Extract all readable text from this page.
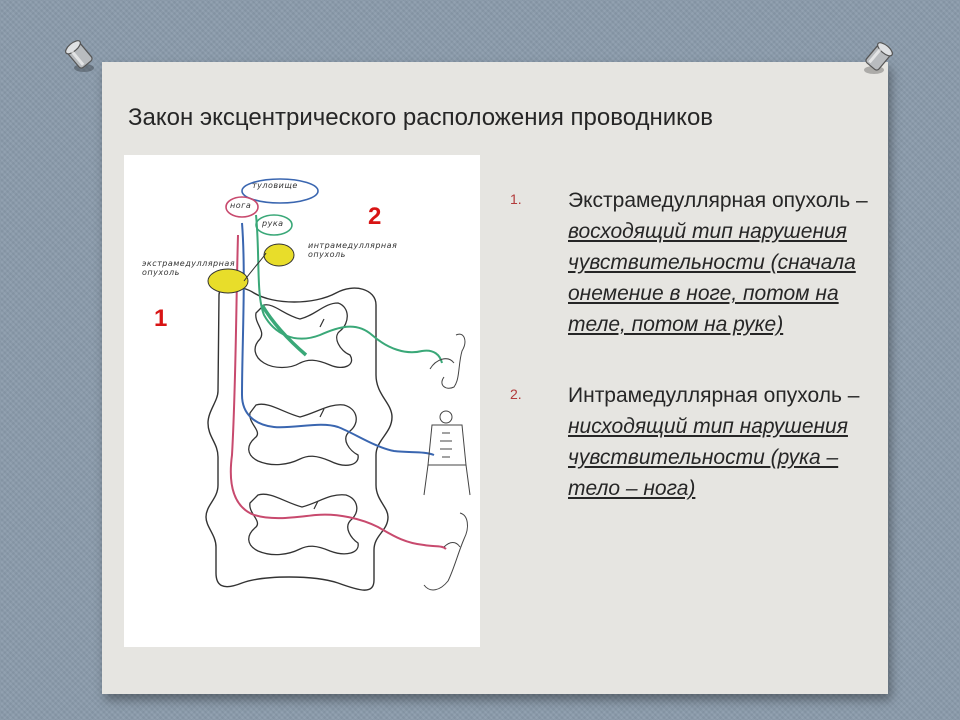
Закон эксцентрического расположения проводников
1
2
туловище
нога
рука
экстрамедуллярная опухоль
интрамедуллярная опухоль
1. Экстрамедуллярная опухоль – восходящий тип нарушения чувствительности (сначала онемение в ноге, потом на теле, потом на руке)
2. Интрамедуллярная опухоль – нисходящий тип нарушения чувствительности (рука – тело – нога)
